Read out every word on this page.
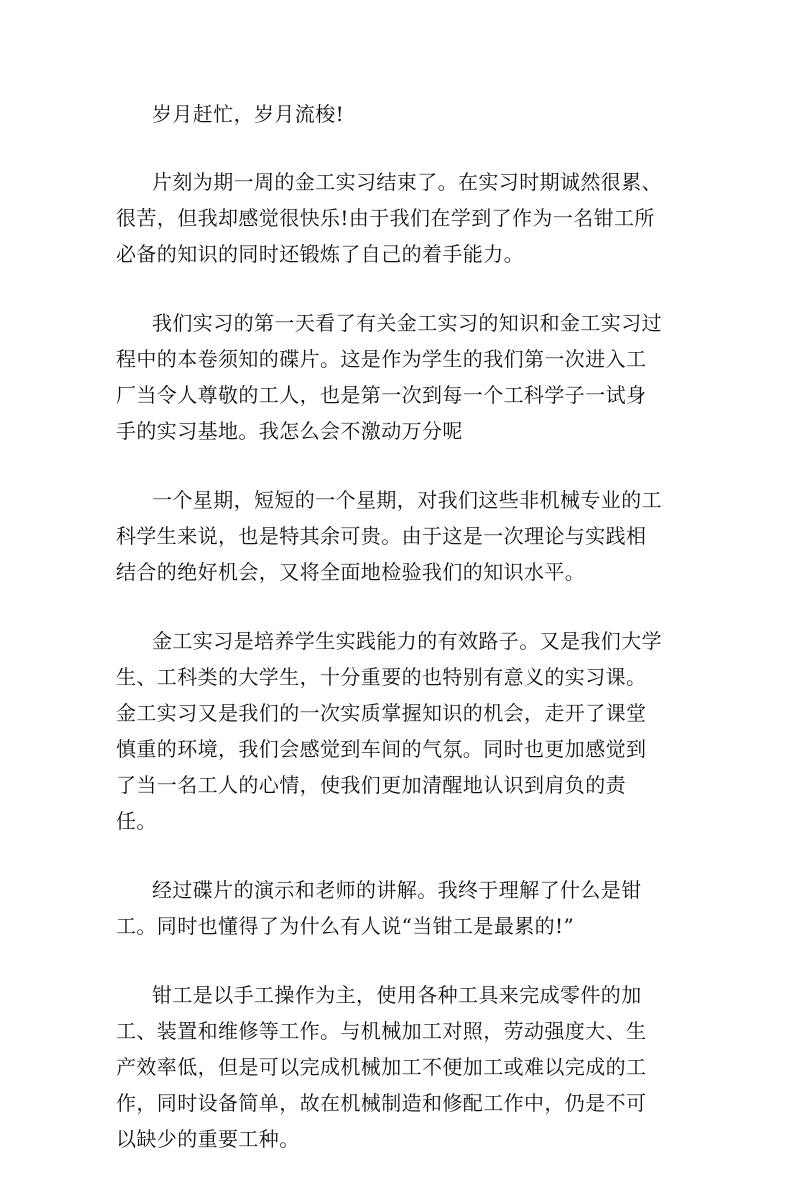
岁月赶忙，岁月流梭!

片刻为期一周的金工实习结束了。在实习时期诚然很累、很苦，但我却感觉很快乐!由于我们在学到了作为一名钳工所必备的知识的同时还锻炼了自己的着手能力。

我们实习的第一天看了有关金工实习的知识和金工实习过程中的本卷须知的碟片。这是作为学生的我们第一次进入工厂当令人尊敬的工人，也是第一次到每一个工科学子一试身手的实习基地。我怎么会不激动万分呢

一个星期，短短的一个星期，对我们这些非机械专业的工科学生来说，也是特其余可贵。由于这是一次理论与实践相结合的绝好机会，又将全面地检验我们的知识水平。

金工实习是培养学生实践能力的有效路子。又是我们大学生、工科类的大学生，十分重要的也特别有意义的实习课。金工实习又是我们的一次实质掌握知识的机会，走开了课堂慎重的环境，我们会感觉到车间的气氛。同时也更加感觉到了当一名工人的心情，使我们更加清醒地认识到肩负的责任。

经过碟片的演示和老师的讲解。我终于理解了什么是钳工。同时也懂得了为什么有人说“当钳工是最累的!”

钳工是以手工操作为主，使用各种工具来完成零件的加工、装置和维修等工作。与机械加工对照，劳动强度大、生产效率低，但是可以完成机械加工不便加工或难以完成的工作，同时设备简单，故在机械制造和修配工作中，仍是不可以缺少的重要工种。
